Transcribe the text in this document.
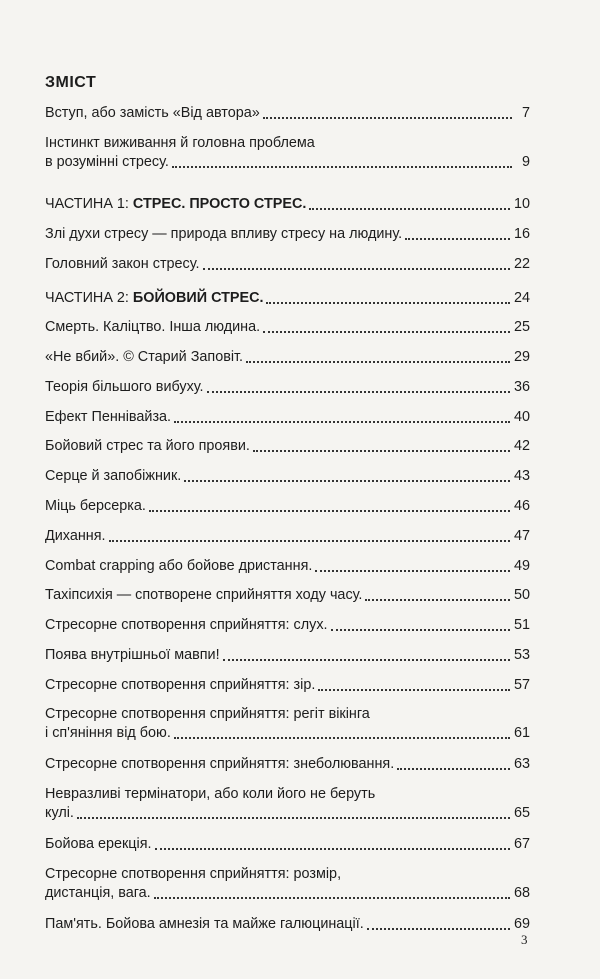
ЗМІСТ
Вступ, або замість «Від автора»	7
Інстинкт виживання й головна проблема
в розумінні стресу.	9
ЧАСТИНА 1: СТРЕС. ПРОСТО СТРЕС.	10
Злі духи стресу — природа впливу стресу на людину.	16
Головний закон стресу.	22
ЧАСТИНА 2: БОЙОВИЙ СТРЕС.	24
Смерть. Каліцтво. Інша людина.	25
«Не вбий». © Старий Заповіт.	29
Теорія більшого вибуху.	36
Ефект Пеннівайза.	40
Бойовий стрес та його прояви.	42
Серце й запобіжник.	43
Міць берсерка.	46
Дихання.	47
Combat crapping або бойове дристання.	49
Тахіпсихія — спотворене сприйняття ходу часу.	50
Стресорне спотворення сприйняття: слух.	51
Поява внутрішньої мавпи!	53
Стресорне спотворення сприйняття: зір.	57
Стресорне спотворення сприйняття: регіт вікінга
і сп'яніння від бою.	61
Стресорне спотворення сприйняття: знеболювання.	63
Невразливі термінатори, або коли його не беруть
кулі.	65
Бойова ерекція.	67
Стресорне спотворення сприйняття: розмір,
дистанція, вага.	68
Пам'ять. Бойова амнезія та майже галюцинації.	69
3
